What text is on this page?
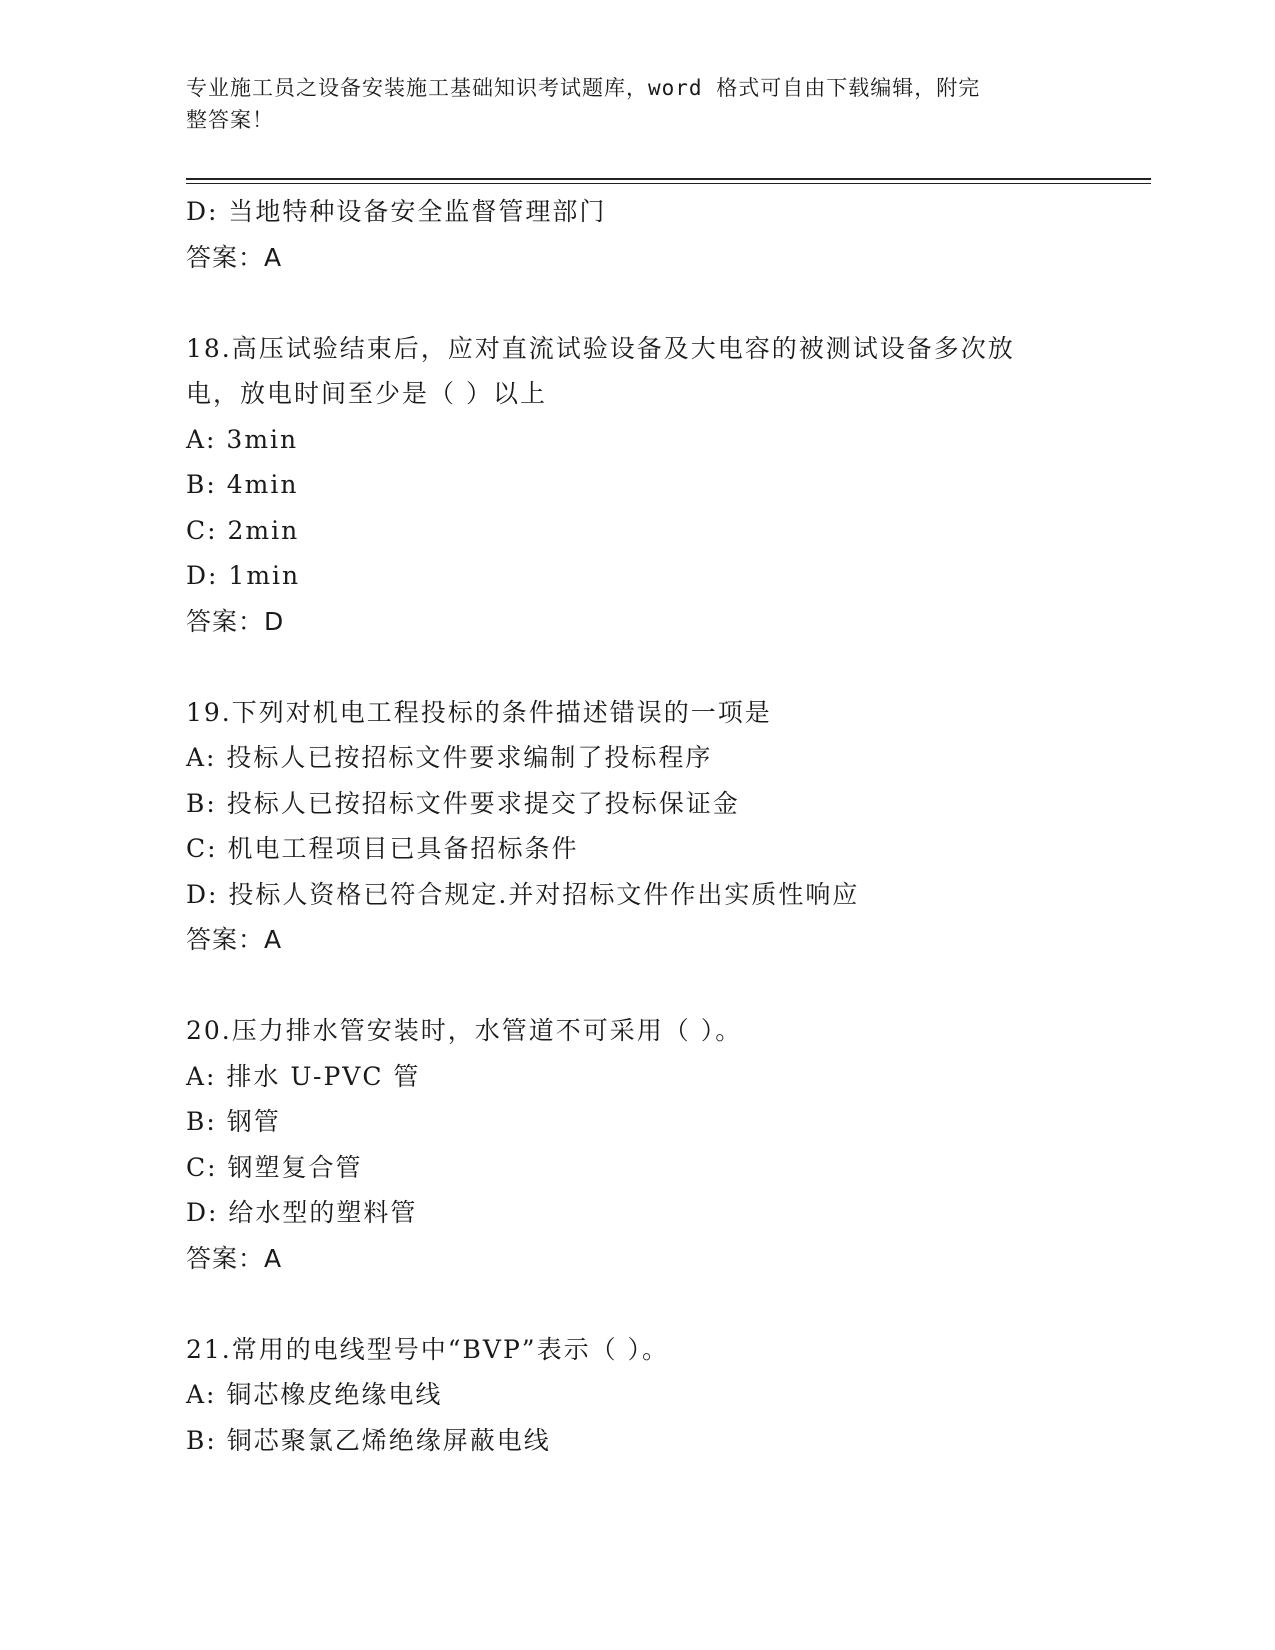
专业施工员之设备安装施工基础知识考试题库，word 格式可自由下载编辑，附完
整答案！
D: 当地特种设备安全监督管理部门
答案：A
18.高压试验结束后，应对直流试验设备及大电容的被测试设备多次放
电，放电时间至少是（ ）以上
A: 3min
B: 4min
C: 2min
D: 1min
答案：D
19.下列对机电工程投标的条件描述错误的一项是
A: 投标人已按招标文件要求编制了投标程序
B: 投标人已按招标文件要求提交了投标保证金
C: 机电工程项目已具备招标条件
D: 投标人资格已符合规定.并对招标文件作出实质性响应
答案：A
20.压力排水管安装时，水管道不可采用（ ）。
A: 排水 U-PVC 管
B: 钢管
C: 钢塑复合管
D: 给水型的塑料管
答案：A
21.常用的电线型号中“BVP”表示（ ）。
A: 铜芯橡皮绝缘电线
B: 铜芯聚氯乙烯绝缘屏蔽电线
